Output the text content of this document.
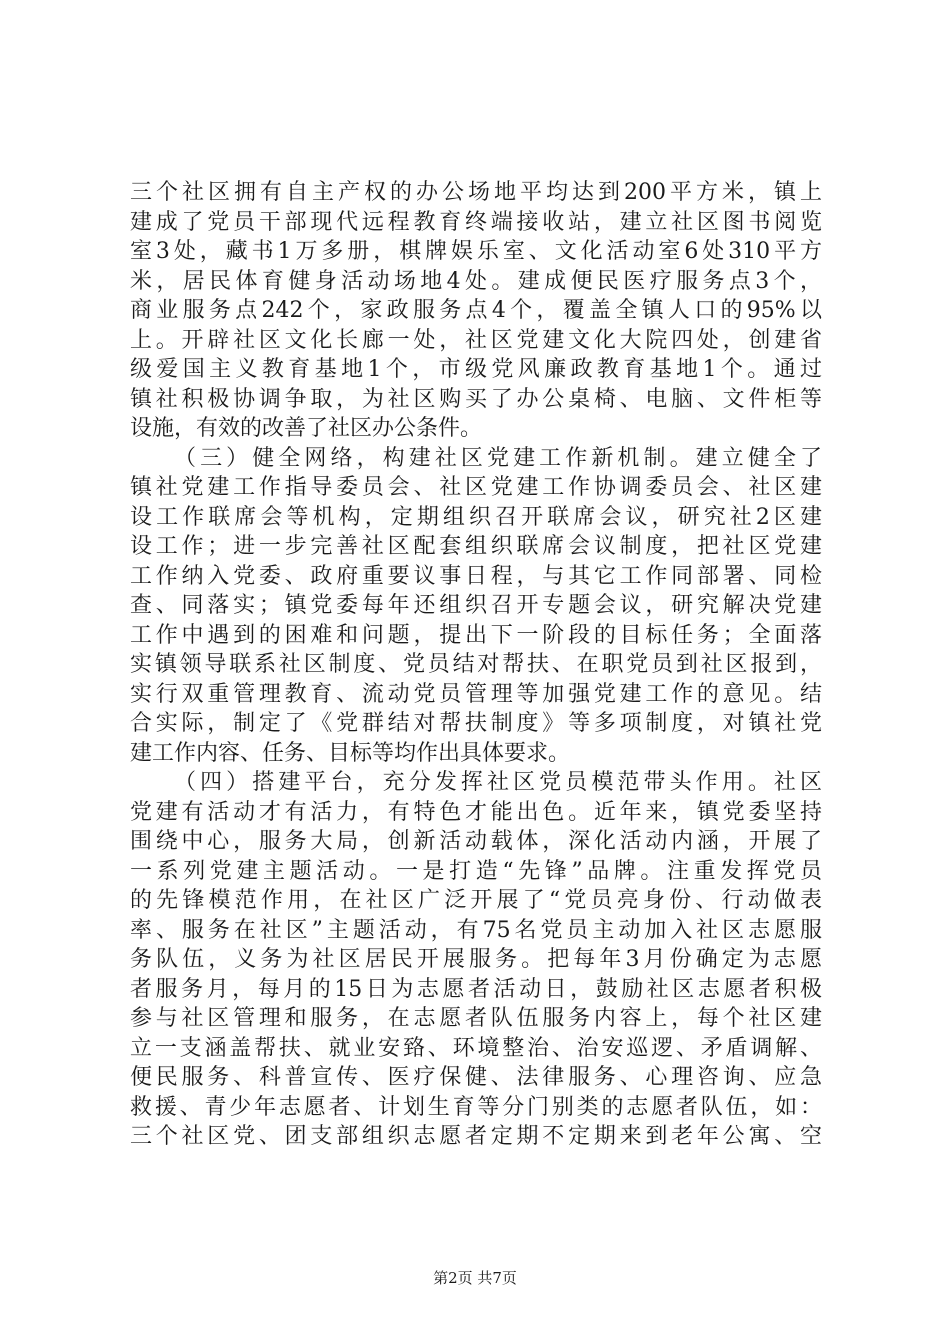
三个社区拥有自主产权的办公场地平均达到200平方米，镇上
建成了党员干部现代远程教育终端接收站，建立社区图书阅览
室3处，藏书1万多册，棋牌娱乐室、文化活动室6处310平方
米，居民体育健身活动场地4处。建成便民医疗服务点3个，
商业服务点242个，家政服务点4个，覆盖全镇人口的95%以
上。开辟社区文化长廊一处，社区党建文化大院四处，创建省
级爱国主义教育基地1个，市级党风廉政教育基地1个。通过
镇社积极协调争取，为社区购买了办公桌椅、电脑、文件柜等
设施，有效的改善了社区办公条件。
（三）健全网络，构建社区党建工作新机制。建立健全了
镇社党建工作指导委员会、社区党建工作协调委员会、社区建
设工作联席会等机构，定期组织召开联席会议，研究社2区建
设工作；进一步完善社区配套组织联席会议制度，把社区党建
工作纳入党委、政府重要议事日程，与其它工作同部署、同检
查、同落实；镇党委每年还组织召开专题会议，研究解决党建
工作中遇到的困难和问题，提出下一阶段的目标任务；全面落
实镇领导联系社区制度、党员结对帮扶、在职党员到社区报到，
实行双重管理教育、流动党员管理等加强党建工作的意见。结
合实际，制定了《党群结对帮扶制度》等多项制度，对镇社党
建工作内容、任务、目标等均作出具体要求。
（四）搭建平台，充分发挥社区党员模范带头作用。社区
党建有活动才有活力，有特色才能出色。近年来，镇党委坚持
围绕中心，服务大局，创新活动载体，深化活动内涵，开展了
一系列党建主题活动。一是打造“先锋”品牌。注重发挥党员
的先锋模范作用，在社区广泛开展了“党员亮身份、行动做表
率、服务在社区”主题活动，有75名党员主动加入社区志愿服
务队伍，义务为社区居民开展服务。把每年3月份确定为志愿
者服务月，每月的15日为志愿者活动日，鼓励社区志愿者积极
参与社区管理和服务，在志愿者队伍服务内容上，每个社区建
立一支涵盖帮扶、就业安臵、环境整治、治安巡逻、矛盾调解、
便民服务、科普宣传、医疗保健、法律服务、心理咨询、应急
救援、青少年志愿者、计划生育等分门别类的志愿者队伍，如：
三个社区党、团支部组织志愿者定期不定期来到老年公寓、空
第2页 共7页
